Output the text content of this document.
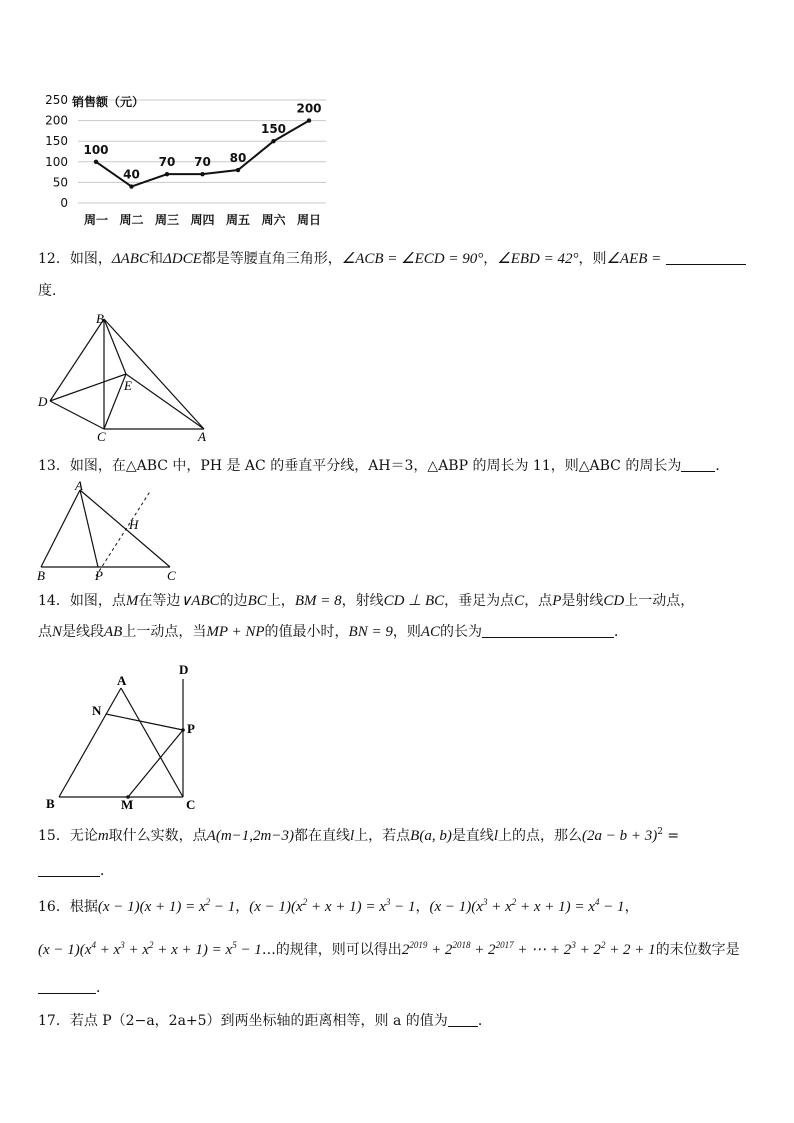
0
50
100
150
200
250
周一 周二 周三 周四 周五 周六 周日
100
40
70 70 80
150
200
销售额（元）
12．如图，ΔABC和ΔDCE都是等腰直角三角形，∠ACB = ∠ECD = 90°，∠EBD = 42°，则∠AEB =
度．
B
D
E
C	A
13．如图，在△ABC 中，PH 是 AC 的垂直平分线，AH＝3，△ABP 的周长为 11，则△ABC 的周长为 ．
A
H
B	P	C
14．如图，点M在等边∨ABC的边BC上，BM = 8，射线CD ⊥ BC，垂足为点C，点P是射线CD上一动点，
点N是线段AB上一动点，当MP + NP的值最小时，BN = 9，则AC的长为	．
D
A
N
P
B	M	C
15．无论m取什么实数，点A(m−1,2m−3)都在直线l上，若点B(a, b)是直线l上的点，那么$(2a - b + 3)^2$ =
．
16．根据$(x - 1)(x + 1) = x^2 - 1$，$(x - 1)(x^2 + x + 1) = x^3 - 1$，$(x - 1)(x^3 + x^2 + x + 1) = x^4 - 1$，
$(x - 1)(x^4 + x^3 + x^2 + x + 1) = x^5$ − 1…的规律，则可以得出$2^{2019} + 2^{2018} + 2^{2017}$ + ⋯ + $2^3 + 2^2 + 2 + 1$的末位数字是
．
17．若点 P（2−a，2a+5）到两坐标轴的距离相等，则 a 的值为 ．
